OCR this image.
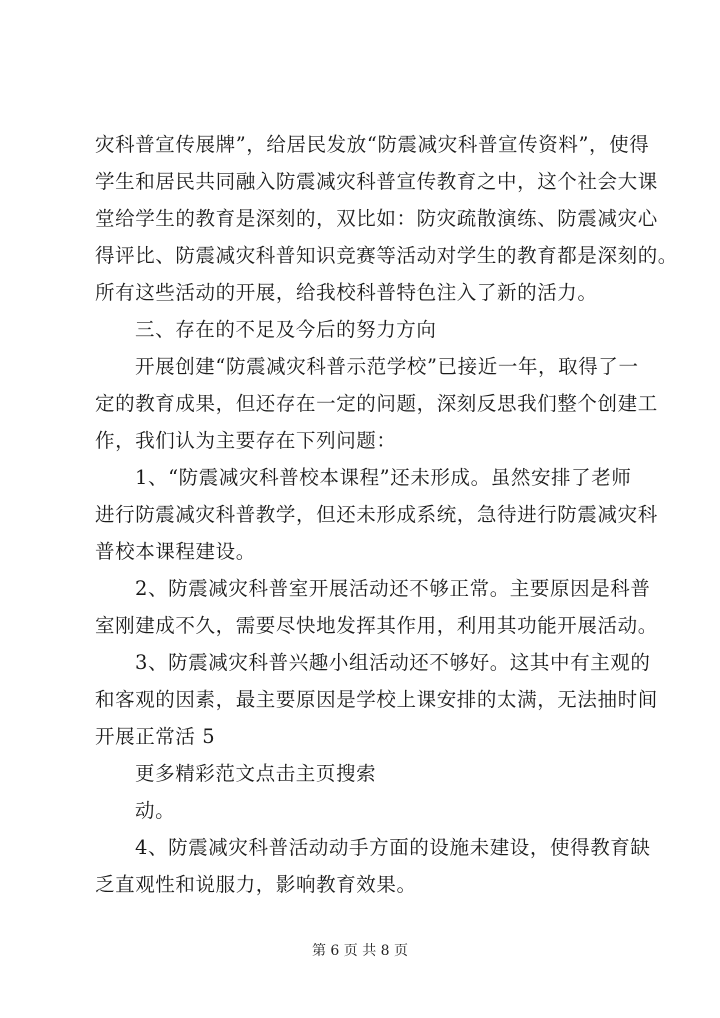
灾科普宣传展牌”，给居民发放“防震减灾科普宣传资料”，使得
学生和居民共同融入防震减灾科普宣传教育之中，这个社会大课
堂给学生的教育是深刻的，双比如：防灾疏散演练、防震减灾心
得评比、防震减灾科普知识竞赛等活动对学生的教育都是深刻的。
所有这些活动的开展，给我校科普特色注入了新的活力。
三、存在的不足及今后的努力方向
开展创建“防震减灾科普示范学校”已接近一年，取得了一
定的教育成果，但还存在一定的问题，深刻反思我们整个创建工
作，我们认为主要存在下列问题：
1、“防震减灾科普校本课程”还未形成。虽然安排了老师
进行防震减灾科普教学，但还未形成系统，急待进行防震减灾科
普校本课程建设。
2、防震减灾科普室开展活动还不够正常。主要原因是科普
室刚建成不久，需要尽快地发挥其作用，利用其功能开展活动。
3、防震减灾科普兴趣小组活动还不够好。这其中有主观的
和客观的因素，最主要原因是学校上课安排的太满，无法抽时间
开展正常活 5
更多精彩范文点击主页搜索
动。
4、防震减灾科普活动动手方面的设施未建设，使得教育缺
乏直观性和说服力，影响教育效果。
第 6 页 共 8 页
